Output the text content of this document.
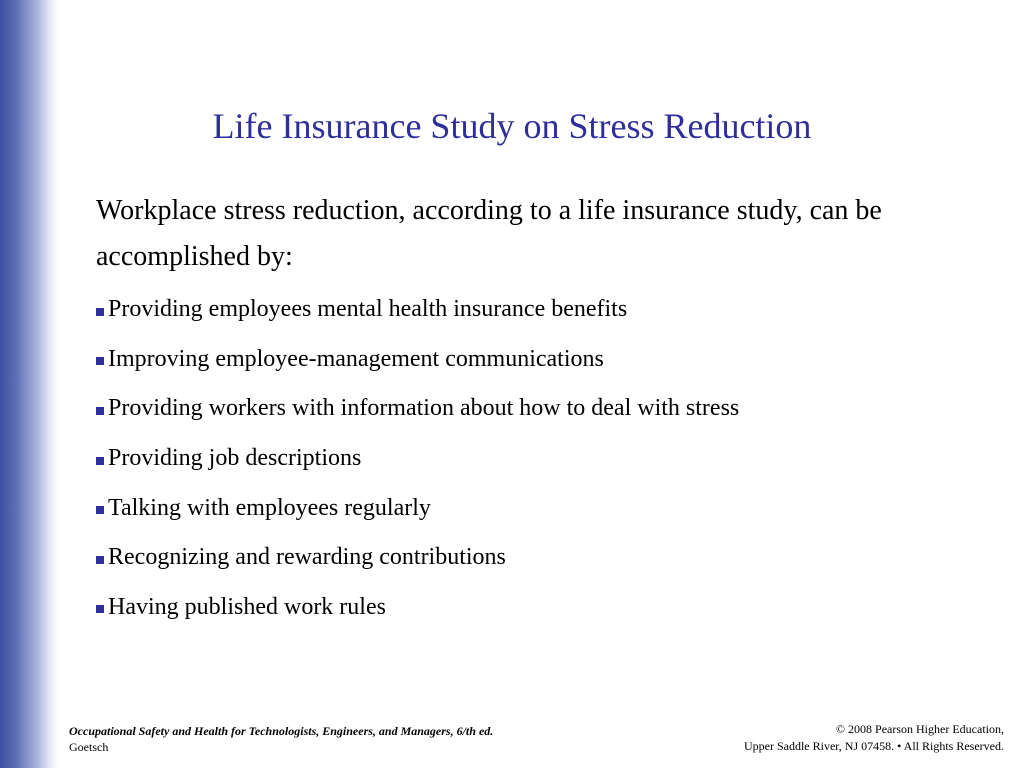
Life Insurance Study on Stress Reduction
Workplace stress reduction, according to a life insurance study, can be accomplished by:
Providing employees mental health insurance benefits
Improving employee-management communications
Providing workers with information about how to deal with stress
Providing job descriptions
Talking with employees regularly
Recognizing and rewarding contributions
Having published work rules
Occupational Safety and Health for Technologists, Engineers, and Managers, 6/th ed.
Goetsch
© 2008 Pearson Higher Education,
Upper Saddle River, NJ 07458. • All Rights Reserved.
